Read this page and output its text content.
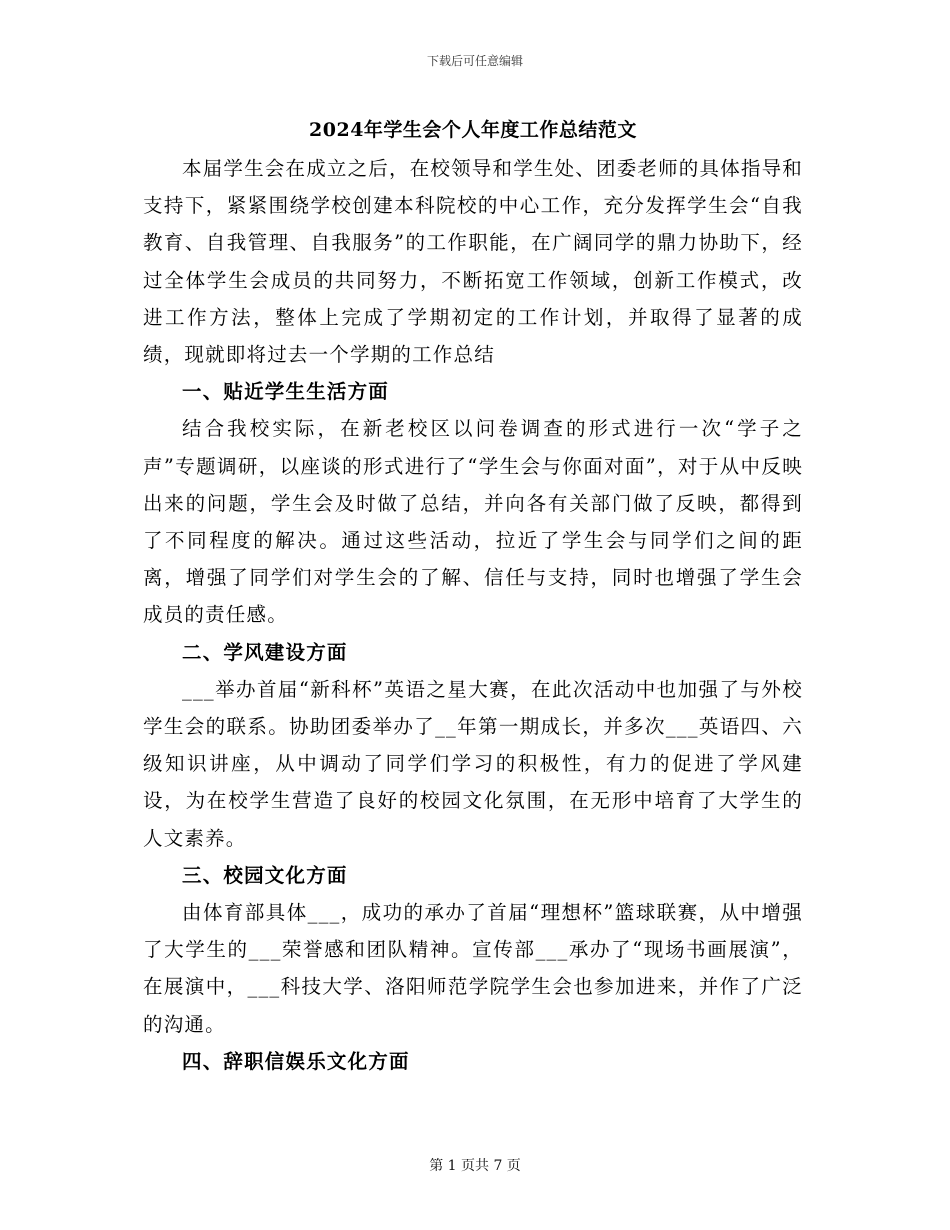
下载后可任意编辑
2024年学生会个人年度工作总结范文

本届学生会在成立之后，在校领导和学生处、团委老师的具体指导和支持下，紧紧围绕学校创建本科院校的中心工作，充分发挥学生会“自我教育、自我管理、自我服务”的工作职能，在广阔同学的鼎力协助下，经过全体学生会成员的共同努力，不断拓宽工作领域，创新工作模式，改进工作方法，整体上完成了学期初定的工作计划，并取得了显著的成绩，现就即将过去一个学期的工作总结

一、贴近学生生活方面

结合我校实际，在新老校区以问卷调查的形式进行一次“学子之声”专题调研，以座谈的形式进行了“学生会与你面对面”，对于从中反映出来的问题，学生会及时做了总结，并向各有关部门做了反映，都得到了不同程度的解决。通过这些活动，拉近了学生会与同学们之间的距离，增强了同学们对学生会的了解、信任与支持，同时也增强了学生会成员的责任感。

二、学风建设方面

___举办首届“新科杯”英语之星大赛，在此次活动中也加强了与外校学生会的联系。协助团委举办了__年第一期成长，并多次___英语四、六级知识讲座，从中调动了同学们学习的积极性，有力的促进了学风建设，为在校学生营造了良好的校园文化氛围，在无形中培育了大学生的人文素养。

三、校园文化方面

由体育部具体___，成功的承办了首届“理想杯”篮球联赛，从中增强了大学生的___荣誉感和团队精神。宣传部___承办了“现场书画展演”，在展演中，___科技大学、洛阳师范学院学生会也参加进来，并作了广泛的沟通。

四、辞职信娱乐文化方面

第 1 页共 7 页
